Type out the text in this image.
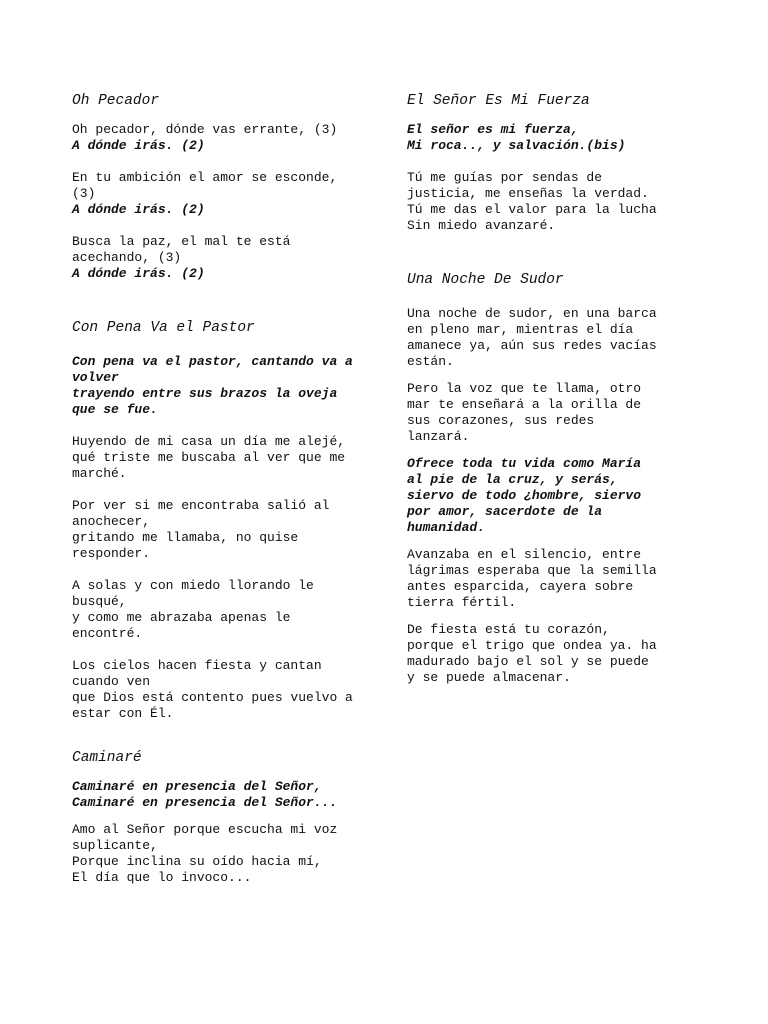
Oh Pecador

Oh pecador, dónde vas errante, (3)

A dónde irás. (2)

En tu ambición el amor se esconde, (3)

A dónde irás. (2)

Busca la paz, el mal te está acechando, (3)

A dónde irás. (2)

Con Pena Va el Pastor

Con pena va el pastor, cantando va a volver
trayendo entre sus brazos la oveja que se fue.

Huyendo de mi casa un día me alejé,
qué triste me buscaba al ver que me marché.

Por ver si me encontraba salió al anochecer,
gritando me llamaba, no quise responder.

A solas y con miedo llorando le busqué,
y como me abrazaba apenas le encontré.

Los cielos hacen fiesta y cantan cuando ven
que Dios está contento pues vuelvo a estar con Él.

Caminaré

Caminaré en presencia del Señor,
Caminaré en presencia del Señor...

Amo al Señor porque escucha mi voz suplicante,
Porque inclina su oído hacia mí,
El día que lo invoco...

El Señor Es Mi Fuerza

El señor es mi fuerza,
Mi roca.., y salvación.(bis)

Tú me guías por sendas de justicia, me enseñas la verdad. Tú me das el valor para la lucha Sin miedo avanzaré.

Una Noche De Sudor

Una noche de sudor, en una barca en pleno mar, mientras el día amanece ya, aún sus redes vacías están.

Pero la voz que te llama, otro mar te enseñará a la orilla de sus corazones, sus redes lanzará.

Ofrece toda tu vida como María al pie de la cruz, y serás, siervo de todo ¿hombre, siervo por amor, sacerdote de la humanidad.

Avanzaba en el silencio, entre lágrimas esperaba que la semilla antes esparcida, cayera sobre tierra fértil.

De fiesta está tu corazón, porque el trigo que ondea ya. ha madurado bajo el sol y se puede y se puede almacenar.
